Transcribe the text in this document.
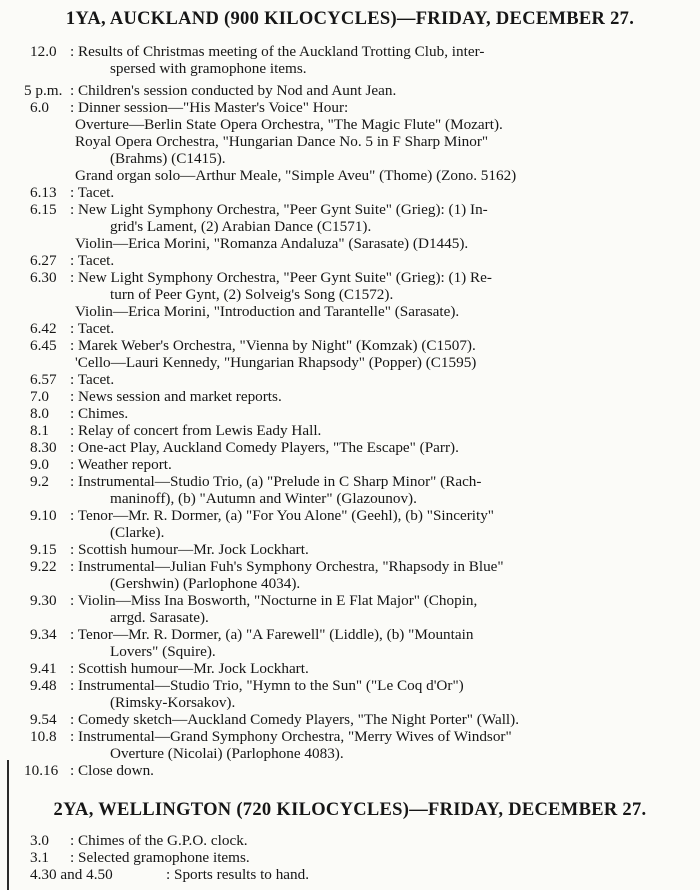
1YA, AUCKLAND (900 KILOCYCLES)—FRIDAY, DECEMBER 27.
12.0 : Results of Christmas meeting of the Auckland Trotting Club, inter-
spersed with gramophone items.
5 p.m. : Children's session conducted by Nod and Aunt Jean.
6.0 : Dinner session—"His Master's Voice" Hour:
Overture—Berlin State Opera Orchestra, "The Magic Flute" (Mozart).
Royal Opera Orchestra, "Hungarian Dance No. 5 in F Sharp Minor"
(Brahms) (C1415).
Grand organ solo—Arthur Meale, "Simple Aveu" (Thome) (Zono. 5162)
6.13 : Tacet.
6.15 : New Light Symphony Orchestra, "Peer Gynt Suite" (Grieg): (1) In-
grid's Lament, (2) Arabian Dance (C1571).
Violin—Erica Morini, "Romanza Andaluza" (Sarasate) (D1445).
6.27 : Tacet.
6.30 : New Light Symphony Orchestra, "Peer Gynt Suite" (Grieg): (1) Re-
turn of Peer Gynt, (2) Solveig's Song (C1572).
Violin—Erica Morini, "Introduction and Tarantelle" (Sarasate).
6.42 : Tacet.
6.45 : Marek Weber's Orchestra, "Vienna by Night" (Komzak) (C1507).
'Cello—Lauri Kennedy, "Hungarian Rhapsody" (Popper) (C1595)
6.57 : Tacet.
7.0 : News session and market reports.
8.0 : Chimes.
8.1 : Relay of concert from Lewis Eady Hall.
8.30 : One-act Play, Auckland Comedy Players, "The Escape" (Parr).
9.0 : Weather report.
9.2 : Instrumental—Studio Trio, (a) "Prelude in C Sharp Minor" (Rach-
maninoff), (b) "Autumn and Winter" (Glazounov).
9.10 : Tenor—Mr. R. Dormer, (a) "For You Alone" (Geehl), (b) "Sincerity"
(Clarke).
9.15 : Scottish humour—Mr. Jock Lockhart.
9.22 : Instrumental—Julian Fuh's Symphony Orchestra, "Rhapsody in Blue"
(Gershwin) (Parlophone 4034).
9.30 : Violin—Miss Ina Bosworth, "Nocturne in E Flat Major" (Chopin,
arrgd. Sarasate).
9.34 : Tenor—Mr. R. Dormer, (a) "A Farewell" (Liddle), (b) "Mountain
Lovers" (Squire).
9.41 : Scottish humour—Mr. Jock Lockhart.
9.48 : Instrumental—Studio Trio, "Hymn to the Sun" ("Le Coq d'Or")
(Rimsky-Korsakov).
9.54 : Comedy sketch—Auckland Comedy Players, "The Night Porter" (Wall).
10.8 : Instrumental—Grand Symphony Orchestra, "Merry Wives of Windsor"
Overture (Nicolai) (Parlophone 4083).
10.16 : Close down.
2YA, WELLINGTON (720 KILOCYCLES)—FRIDAY, DECEMBER 27.
3.0 : Chimes of the G.P.O. clock.
3.1 : Selected gramophone items.
4.30 and 4.50	: Sports results to hand.
